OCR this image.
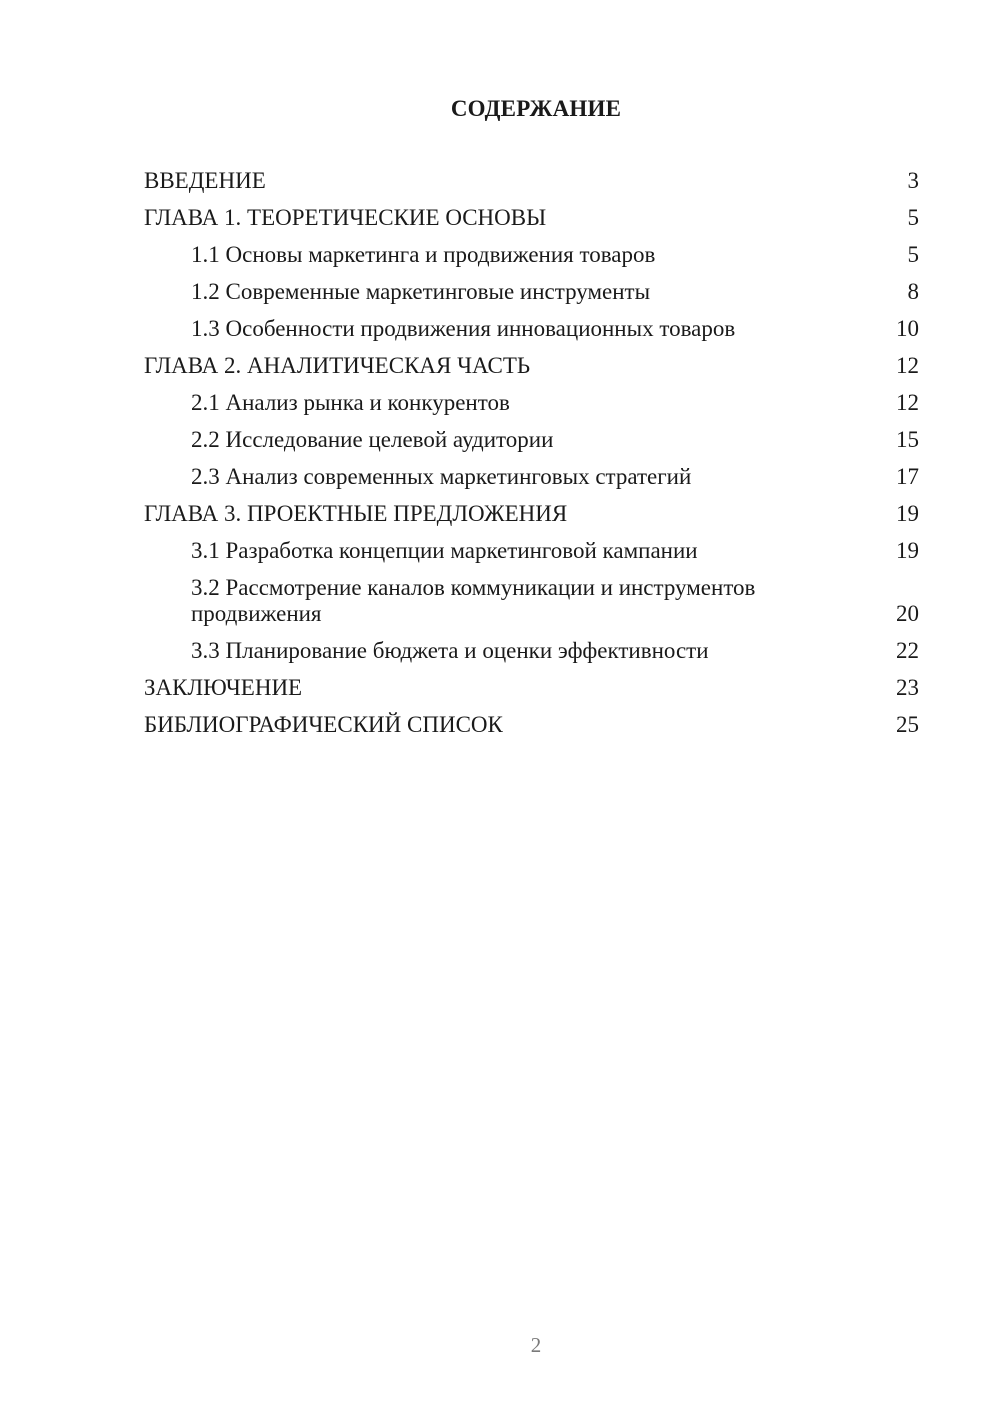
СОДЕРЖАНИЕ
ВВЕДЕНИЕ	3
ГЛАВА 1. ТЕОРЕТИЧЕСКИЕ ОСНОВЫ	5
1.1 Основы маркетинга и продвижения товаров	5
1.2 Современные маркетинговые инструменты	8
1.3 Особенности продвижения инновационных товаров	10
ГЛАВА 2. АНАЛИТИЧЕСКАЯ ЧАСТЬ	12
2.1 Анализ рынка и конкурентов	12
2.2 Исследование целевой аудитории	15
2.3 Анализ современных маркетинговых стратегий	17
ГЛАВА 3. ПРОЕКТНЫЕ ПРЕДЛОЖЕНИЯ	19
3.1 Разработка концепции маркетинговой кампании	19
3.2 Рассмотрение каналов коммуникации и инструментов продвижения	20
3.3 Планирование бюджета и оценки эффективности	22
ЗАКЛЮЧЕНИЕ	23
БИБЛИОГРАФИЧЕСКИЙ СПИСОК	25
2
